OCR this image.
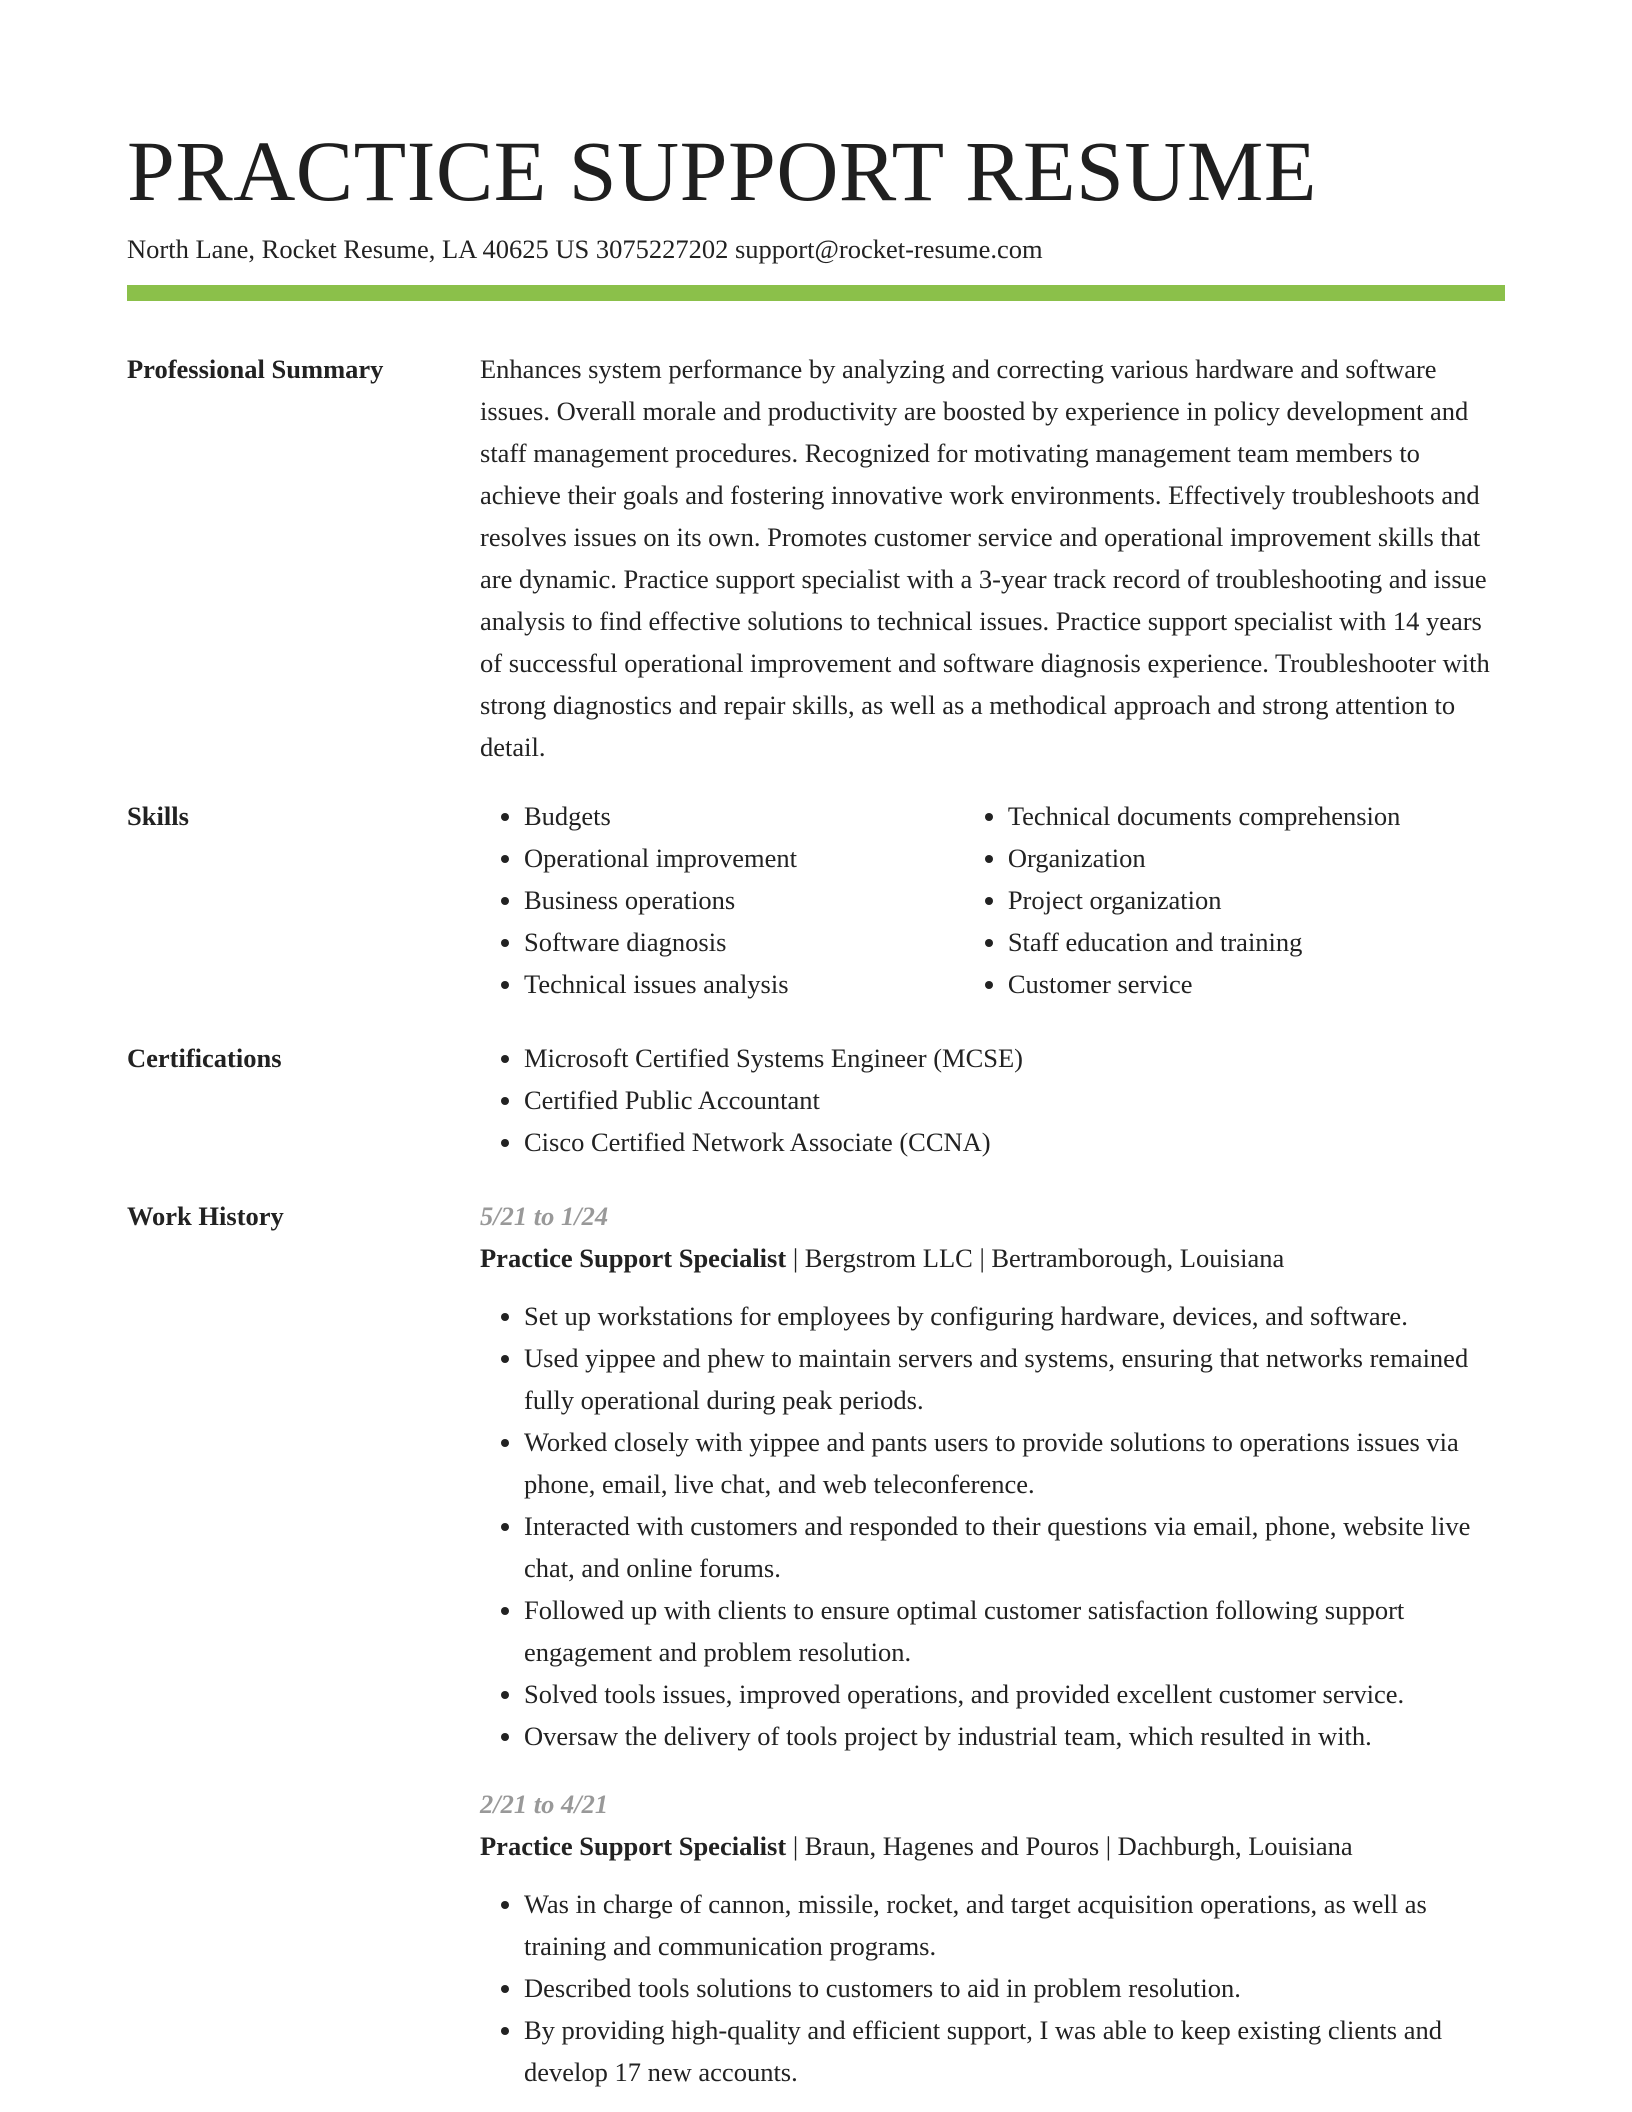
PRACTICE SUPPORT RESUME
North Lane, Rocket Resume, LA 40625 US 3075227202 support@rocket-resume.com
Professional Summary	Enhances system performance by analyzing and correcting various hardware and software issues. Overall morale and productivity are boosted by experience in policy development and staff management procedures. Recognized for motivating management team members to achieve their goals and fostering innovative work environments. Effectively troubleshoots and resolves issues on its own. Promotes customer service and operational improvement skills that are dynamic. Practice support specialist with a 3-year track record of troubleshooting and issue analysis to find effective solutions to technical issues. Practice support specialist with 14 years of successful operational improvement and software diagnosis experience. Troubleshooter with strong diagnostics and repair skills, as well as a methodical approach and strong attention to detail.

Skills	• Budgets
• Operational improvement
• Business operations
• Software diagnosis
• Technical issues analysis
• Technical documents comprehension
• Organization
• Project organization
• Staff education and training
• Customer service
Certifications	• Microsoft Certified Systems Engineer (MCSE)
• Certified Public Accountant
• Cisco Certified Network Associate (CCNA)
Work History	5/21 to 1/24

Practice Support Specialist | Bergstrom LLC | Bertramborough, Louisiana

• Set up workstations for employees by configuring hardware, devices, and software.
• Used yippee and phew to maintain servers and systems, ensuring that networks remained fully operational during peak periods.
• Worked closely with yippee and pants users to provide solutions to operations issues via phone, email, live chat, and web teleconference.
• Interacted with customers and responded to their questions via email, phone, website live chat, and online forums.
• Followed up with clients to ensure optimal customer satisfaction following support engagement and problem resolution.
• Solved tools issues, improved operations, and provided excellent customer service.
• Oversaw the delivery of tools project by industrial team, which resulted in with.

2/21 to 4/21

Practice Support Specialist | Braun, Hagenes and Pouros | Dachburgh, Louisiana

• Was in charge of cannon, missile, rocket, and target acquisition operations, as well as training and communication programs.
• Described tools solutions to customers to aid in problem resolution.
• By providing high-quality and efficient support, I was able to keep existing clients and develop 17 new accounts.
